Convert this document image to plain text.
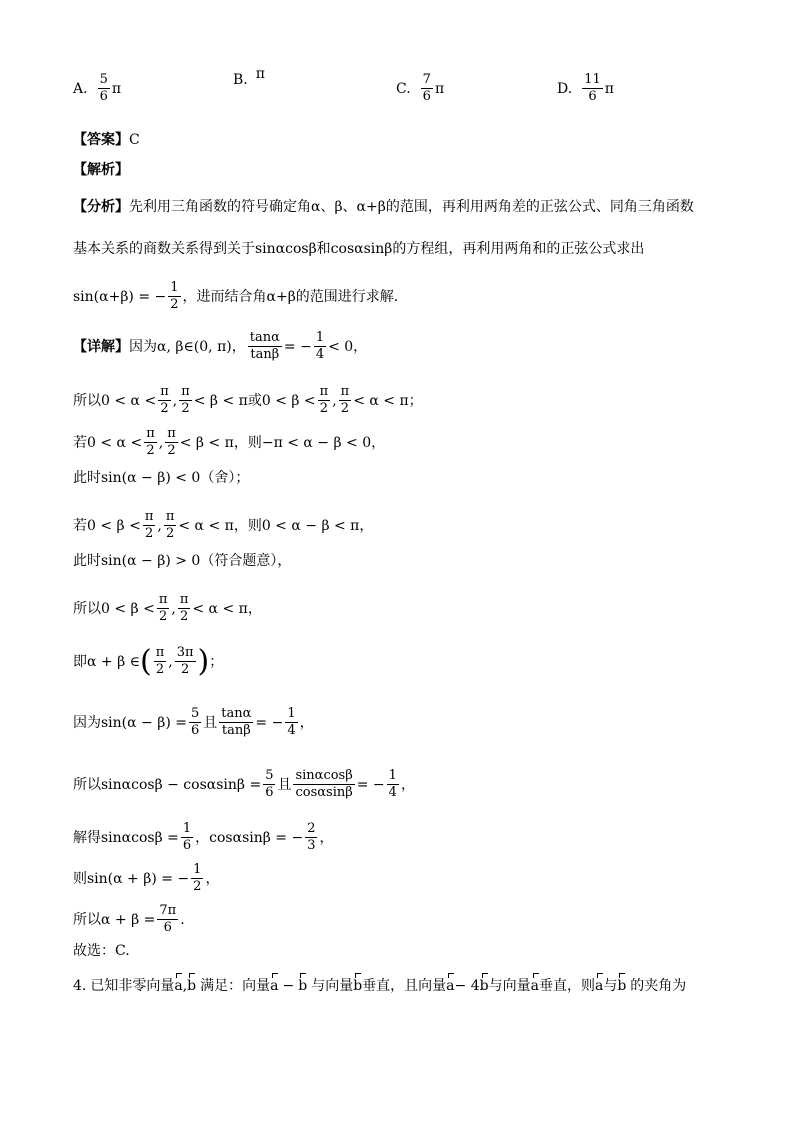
A. $\frac{5}{6}$ π
B. π
C. $\frac{7}{6}$ π	D. $\frac{11}{6}$ π
【答案】 C
【解析】
【分析】 先利用三角函数的符号确定角α、β、α+β的范围，再利用两角差的正弦公式、同角三角函数
基本关系的商数关系得到关于sinαcosβ和cosαsinβ的方程组，再利用两角和的正弦公式求出
sin(α+β) = − $\frac{1}{2}$ ，进而结合角α+β的范围进行求解.
【详解】 因为α, β∈(0, π)， $\frac{\tan\alpha}{\tan\beta}$ = − $\frac{1}{4} < 0$，
所以$0 < \alpha < \frac{\pi}{2}$ , $\frac{\pi}{2} < \beta < \pi$或$0 < \beta < \frac{\pi}{2}$ , $\frac{\pi}{2} < \alpha < \pi$；
若$0 < \alpha < \frac{\pi}{2}$ , $\frac{\pi}{2} < \beta < \pi$，则−π < α − β < 0，
此时sin(α − β) < 0（舍）；
若$0 < \beta < \frac{\pi}{2}$ , $\frac{\pi}{2} < \alpha < \pi$，则0 < α − β < π，
此时sin(α − β) > 0（符合题意），
所以$0 < \beta < \frac{\pi}{2}$ , $\frac{\pi}{2} < \alpha < \pi$，
即α + β ∈ ( $\frac{\pi}{2}$ , $\frac{3\pi}{2}$ ) ；
因为$\sin(\alpha - \beta) = \frac{5}{6}$ 且 $\frac{\tan\alpha}{\tan\beta}$ = − $\frac{1}{4}$ ，
所以$\sin\alpha\cos\beta - \cos\alpha\sin\beta = \frac{5}{6}$ 且 $\frac{\sin\alpha\cos\beta}{\cos\alpha\sin\beta}$ = − $\frac{1}{4}$ ，
解得$\sin\alpha\cos\beta = \frac{1}{6}$ ，cosαsinβ = − $\frac{2}{3}$ ，
则sin(α + β) = − $\frac{1}{2}$ ，
所以$\alpha + \beta = \frac{7\pi}{6}$ .
故选：C.
4. 已知非零向量 a , b 满足：向量 a − b 与向量 b 垂直，且向量 a − 4 b 与向量 a 垂直，则 a 与 b 的夹角为
